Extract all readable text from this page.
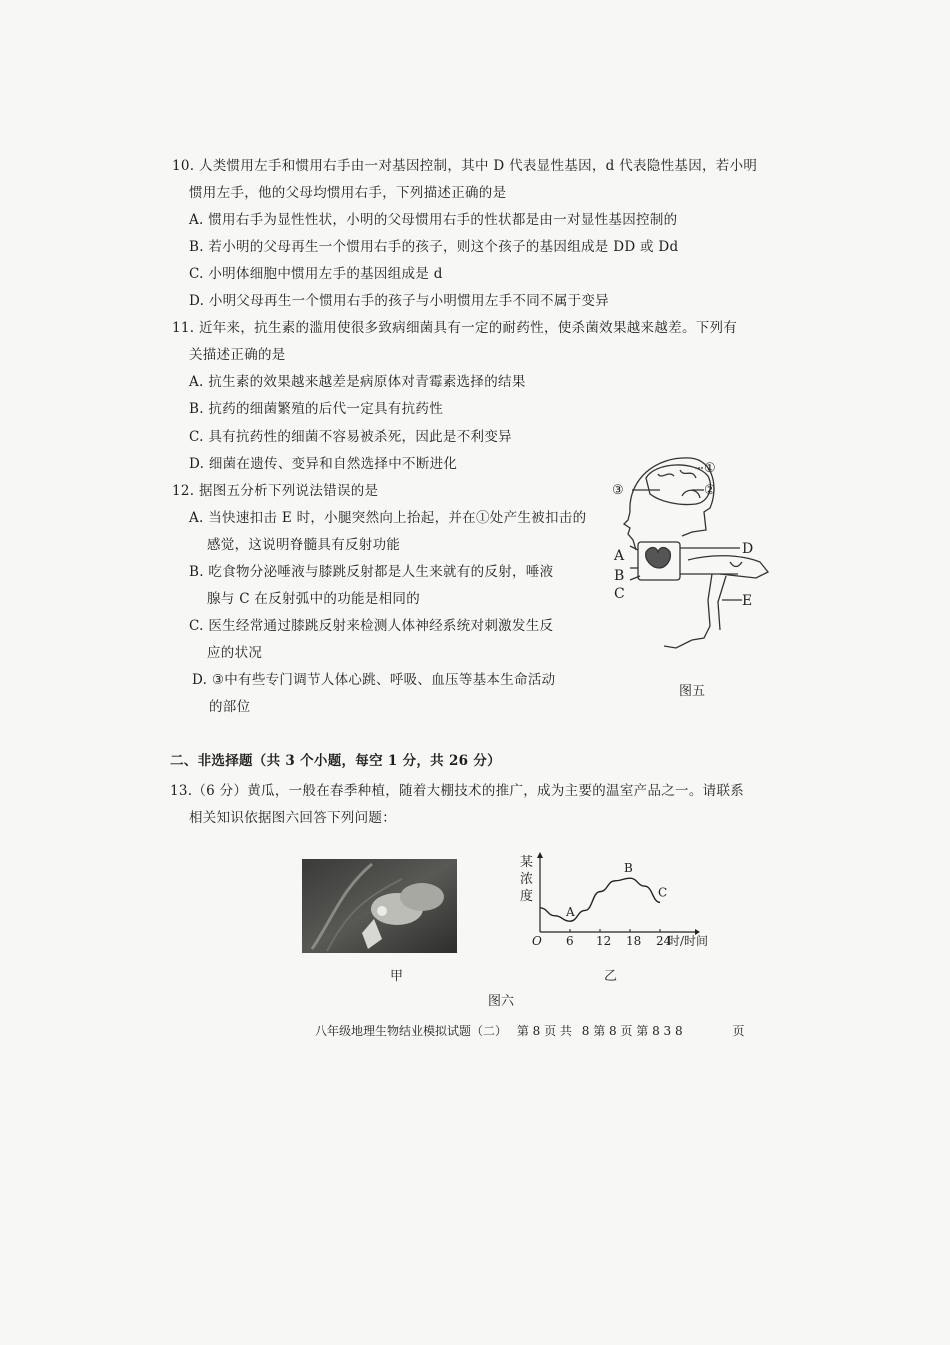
10. 人类惯用左手和惯用右手由一对基因控制，其中 D 代表显性基因，d 代表隐性基因，若小明
惯用左手，他的父母均惯用右手，下列描述正确的是
A. 惯用右手为显性性状，小明的父母惯用右手的性状都是由一对显性基因控制的
B. 若小明的父母再生一个惯用右手的孩子，则这个孩子的基因组成是 DD 或 Dd
C. 小明体细胞中惯用左手的基因组成是 d
D. 小明父母再生一个惯用右手的孩子与小明惯用左手不同不属于变异
11. 近年来，抗生素的滥用使很多致病细菌具有一定的耐药性，使杀菌效果越来越差。下列有
关描述正确的是
A. 抗生素的效果越来越差是病原体对青霉素选择的结果
B. 抗药的细菌繁殖的后代一定具有抗药性
C. 具有抗药性的细菌不容易被杀死，因此是不利变异
D. 细菌在遗传、变异和自然选择中不断进化
12. 据图五分析下列说法错误的是
A. 当快速扣击 E 时，小腿突然向上抬起，并在①处产生被扣击的
感觉，这说明脊髓具有反射功能
B. 吃食物分泌唾液与膝跳反射都是人生来就有的反射，唾液
腺与 C 在反射弧中的功能是相同的
C. 医生经常通过膝跳反射来检测人体神经系统对刺激发生反
应的状况
D. ③中有些专门调节人体心跳、呼吸、血压等基本生命活动
的部位
①
②
③
A
B
C
D
E
图五
二、非选择题（共 3 个小题，每空 1 分，共 26 分）
13.（6 分）黄瓜，一般在春季种植，随着大棚技术的推广，成为主要的温室产品之一。请联系
相关知识依据图六回答下列问题：
甲
某
浓
度
O 6 12 18 24
时/时间
A
B
C
乙
图六
八年级地理生物结业模拟试题（二） 第 8 页 共 8 第 8 页 第 8 3 8	页
